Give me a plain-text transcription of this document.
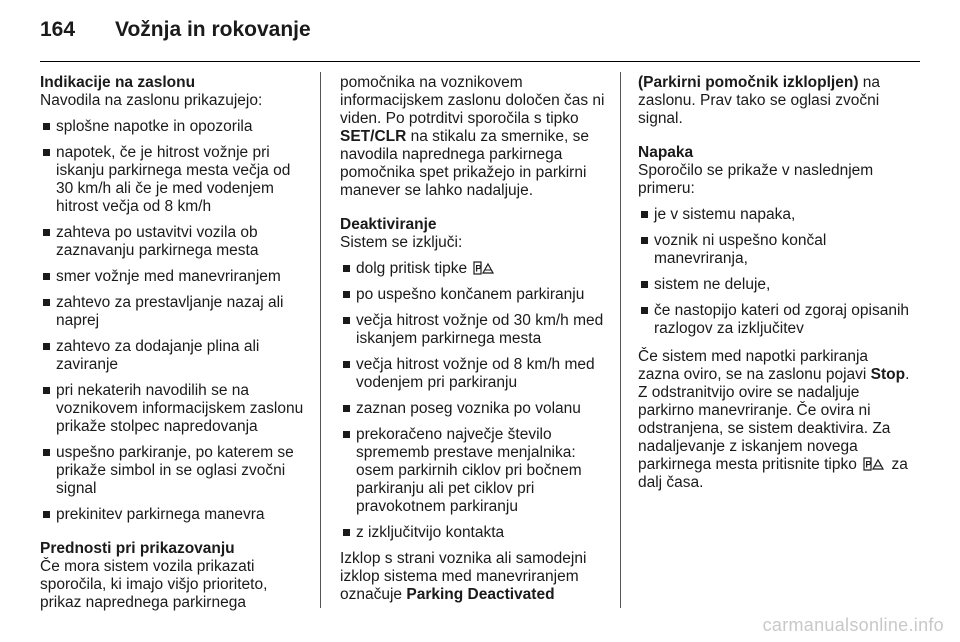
164	Vožnja in rokovanje

Indikacije na zaslonu

Navodila na zaslonu prikazujejo:

splošne napotke in opozorila
napotek, če je hitrost vožnje pri iskanju parkirnega mesta večja od 30 km/h ali če je med vodenjem hitrost večja od 8 km/h
zahteva po ustavitvi vozila ob zaznavanju parkirnega mesta
smer vožnje med manevriranjem
zahtevo za prestavljanje nazaj ali naprej
zahtevo za dodajanje plina ali zaviranje
pri nekaterih navodilih se na voznikovem informacijskem zaslonu prikaže stolpec napredovanja
uspešno parkiranje, po katerem se prikaže simbol in se oglasi zvočni signal
prekinitev parkirnega manevra

Prednosti pri prikazovanju

Če mora sistem vozila prikazati sporočila, ki imajo višjo prioriteto, prikaz naprednega parkirnega

pomočnika na voznikovem informacijskem zaslonu določen čas ni viden. Po potrditvi sporočila s tipko SET/CLR na stikalu za smernike, se navodila naprednega parkirnega pomočnika spet prikažejo in parkirni manever se lahko nadaljuje.

Deaktiviranje

Sistem se izključi:

dolg pritisk tipke P
po uspešno končanem parkiranju
večja hitrost vožnje od 30 km/h med iskanjem parkirnega mesta
večja hitrost vožnje od 8 km/h med vodenjem pri parkiranju
zaznan poseg voznika po volanu
prekoračeno največje število sprememb prestave menjalnika: osem parkirnih ciklov pri bočnem parkiranju ali pet ciklov pri pravokotnem parkiranju
z izključitvijo kontakta

Izklop s strani voznika ali samodejni izklop sistema med manevriranjem označuje Parking Deactivated

(Parkirni pomočnik izklopljen) na zaslonu. Prav tako se oglasi zvočni signal.

Napaka

Sporočilo se prikaže v naslednjem primeru:

je v sistemu napaka,
voznik ni uspešno končal manevriranja,
sistem ne deluje,
če nastopijo kateri od zgoraj opisanih razlogov za izključitev

Če sistem med napotki parkiranja zazna oviro, se na zaslonu pojavi Stop. Z odstranitvijo ovire se nadaljuje parkirno manevriranje. Če ovira ni odstranjena, se sistem deaktivira. Za nadaljevanje z iskanjem novega parkirnega mesta pritisnite tipko P za dalj časa.

carmanualsonline.info
